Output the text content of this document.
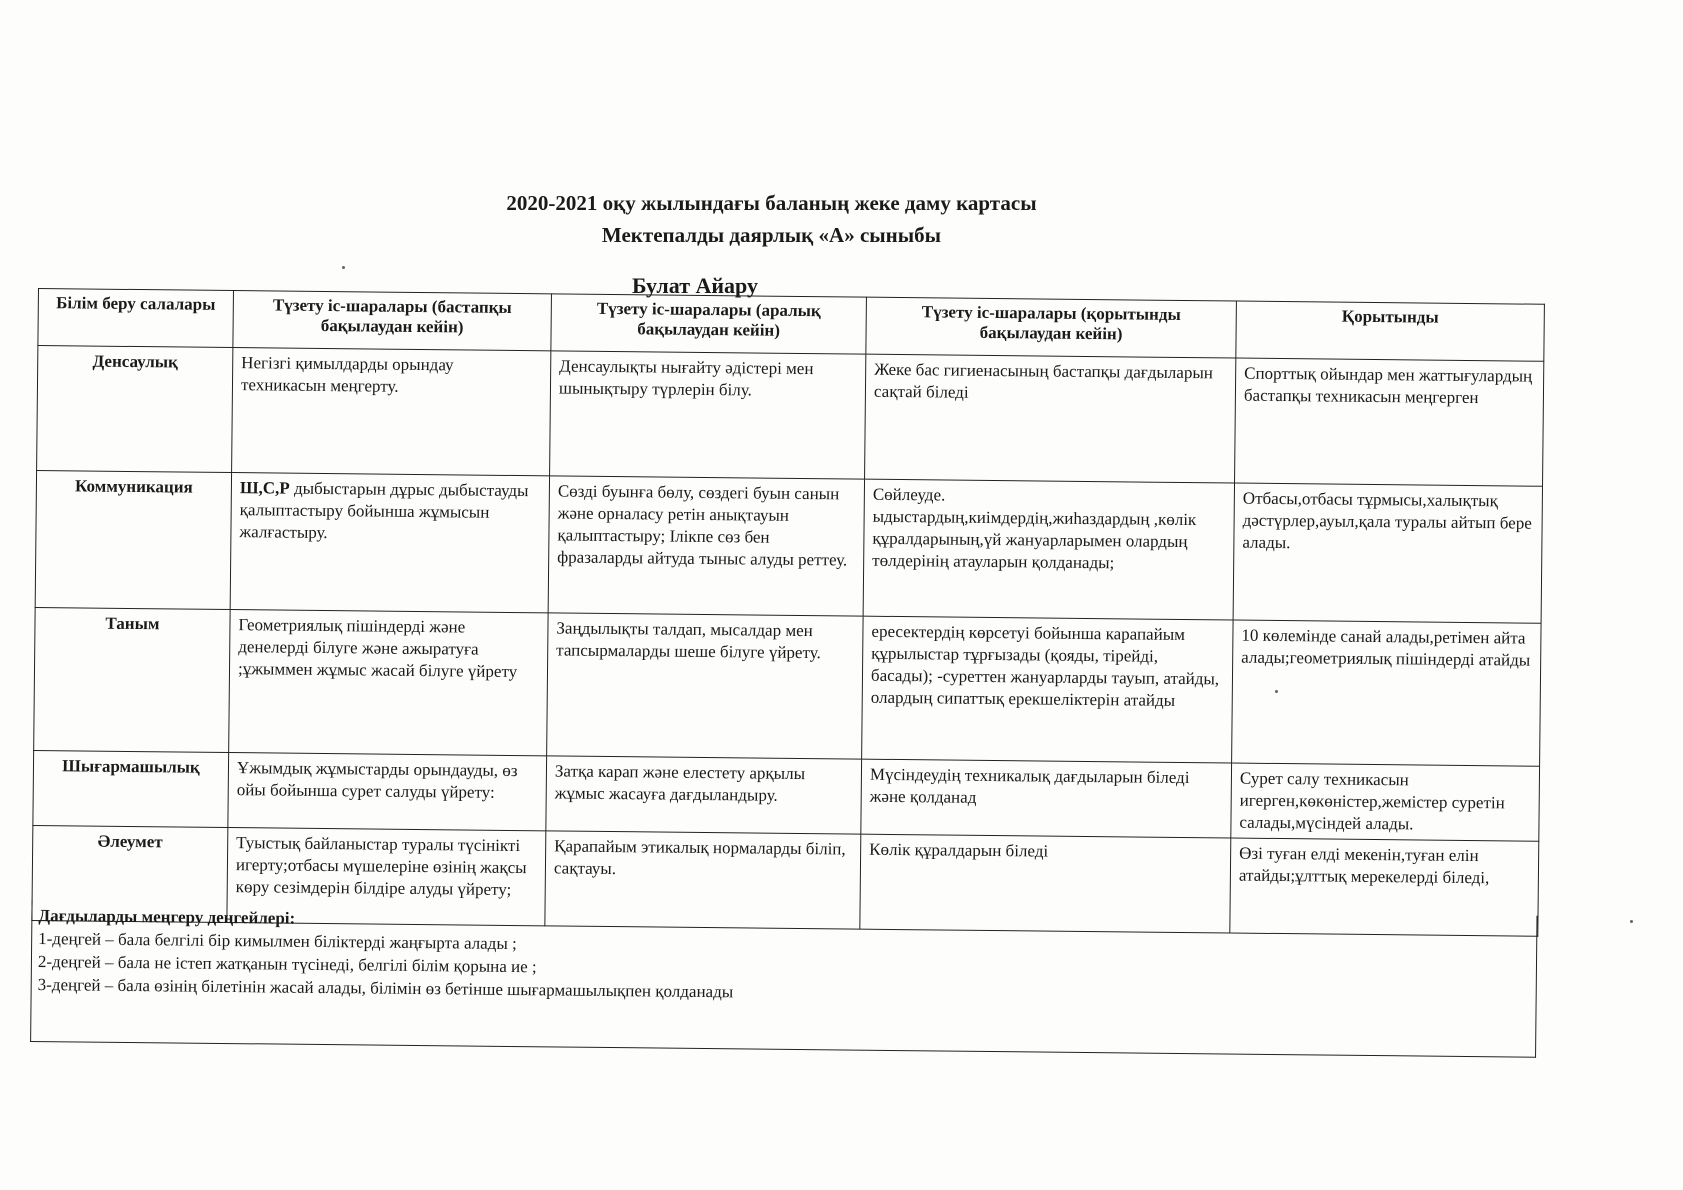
2020-2021 оқу жылындағы баланың жеке даму картасы
Мектепалды даярлық «А» сыныбы
Булат Айару
Білім беру салалары	Түзету іс-шаралары (бастапқы бақылаудан кейін)	Түзету іс-шаралары (аралық бақылаудан кейін)	Түзету іс-шаралары (қорытынды бақылаудан кейін)	Қорытынды
Денсаулық	Негізгі қимылдарды орындау техникасын меңгерту.	Денсаулықты нығайту әдістері мен шынықтыру түрлерін білу.	Жеке бас гигиенасының бастапқы дағдыларын сақтай біледі	Спорттық ойындар мен жаттығулардың бастапқы техникасын меңгерген
Коммуникация	Ш,С,Р дыбыстарын дұрыс дыбыстауды қалыптастыру бойынша жұмысын жалғастыру.	Сөзді буынға бөлу, сөздегі буын санын және орналасу ретін анықтауын қалыптастыру; Ілікпе сөз бен фразаларды айтуда тыныс алуды реттеу.	Сөйлеуде. ыдыстардың,киімдердің,жиһаздардың ,көлік құралдарының,үй жануарларымен олардың төлдерінің атауларын қолданады;	Отбасы,отбасы тұрмысы,халықтық дәстүрлер,ауыл,қала туралы айтып бере алады.
Таным	Геометриялық пішіндерді және денелерді білуге және ажыратуға ;ұжыммен жұмыс жасай білуге үйрету	Заңдылықты талдап, мысалдар мен тапсырмаларды шеше білуге үйрету.	ересектердің көрсетуі бойынша карапайым құрылыстар тұрғызады (қояды, тірейді, басады); -суреттен жануарларды тауып, атайды, олардың сипаттық ерекшеліктерін атайды	10 көлемінде санай алады,ретімен айта алады;геометриялық пішіндерді атайды
Шығармашылық	Ұжымдық жұмыстарды орындауды, өз ойы бойынша сурет салуды үйрету:	Затқа карап және елестету арқылы жұмыс жасауға дағдыландыру.	Мүсіндеудің техникалық дағдыларын біледі және қолданад	Сурет салу техникасын игерген,көкөністер,жемістер суретін салады,мүсіндей алады.
Әлеумет	Туыстық байланыстар туралы түсінікті игерту;отбасы мүшелеріне өзінің жақсы көру сезімдерін білдіре алуды үйрету;	Қарапайым этикалық нормаларды біліп, сақтауы.	Көлік құралдарын біледі	Өзі туған елді мекенін,туған елін атайды;ұлттық мерекелерді біледі,
Дағдыларды меңгеру деңгейлері:
1-деңгей – бала белгілі бір кимылмен біліктерді жаңғырта алады ;
2-деңгей – бала не істеп жатқанын түсінеді, белгілі білім қорына ие ;
3-деңгей – бала өзінің білетінін жасай алады, білімін өз бетінше шығармашылықпен қолданады
